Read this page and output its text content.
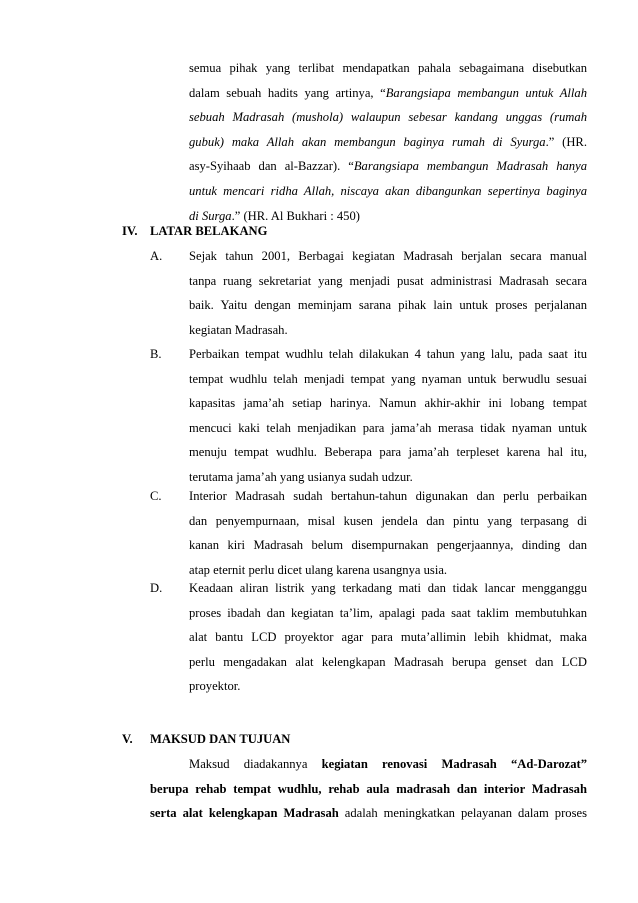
semua pihak yang terlibat mendapatkan pahala sebagaimana disebutkan
dalam sebuah hadits yang artinya, “Barangsiapa membangun untuk Allah
sebuah Madrasah (mushola) walaupun sebesar kandang unggas (rumah
gubuk) maka Allah akan membangun baginya rumah di Syurga.” (HR.
asy-Syihaab dan al-Bazzar). “Barangsiapa membangun Madrasah hanya
untuk mencari ridha Allah, niscaya akan dibangunkan sepertinya baginya
di Surga.” (HR. Al Bukhari : 450)

IV. LATAR BELAKANG

A. Sejak tahun 2001, Berbagai kegiatan Madrasah berjalan secara manual
tanpa ruang sekretariat yang menjadi pusat administrasi Madrasah secara
baik. Yaitu dengan meminjam sarana pihak lain untuk proses perjalanan
kegiatan Madrasah.

B. Perbaikan tempat wudhlu telah dilakukan 4 tahun yang lalu, pada saat itu
tempat wudhlu telah menjadi tempat yang nyaman untuk berwudlu sesuai
kapasitas jama’ah setiap harinya. Namun akhir-akhir ini lobang tempat
mencuci kaki telah menjadikan para jama’ah merasa tidak nyaman untuk
menuju tempat wudhlu. Beberapa para jama’ah terpleset karena hal itu,
terutama jama’ah yang usianya sudah udzur.

C. Interior Madrasah sudah bertahun-tahun digunakan dan perlu perbaikan
dan penyempurnaan, misal kusen jendela dan pintu yang terpasang di
kanan kiri Madrasah belum disempurnakan pengerjaannya, dinding dan
atap eternit perlu dicet ulang karena usangnya usia.

D. Keadaan aliran listrik yang terkadang mati dan tidak lancar mengganggu
proses ibadah dan kegiatan ta’lim, apalagi pada saat taklim membutuhkan
alat bantu LCD proyektor agar para muta’allimin lebih khidmat, maka
perlu mengadakan alat kelengkapan Madrasah berupa genset dan LCD
proyektor.

V. MAKSUD DAN TUJUAN

Maksud diadakannya kegiatan renovasi Madrasah “Ad-Darozat”
berupa rehab tempat wudhlu, rehab aula madrasah dan interior Madrasah
serta alat kelengkapan Madrasah adalah meningkatkan pelayanan dalam proses
